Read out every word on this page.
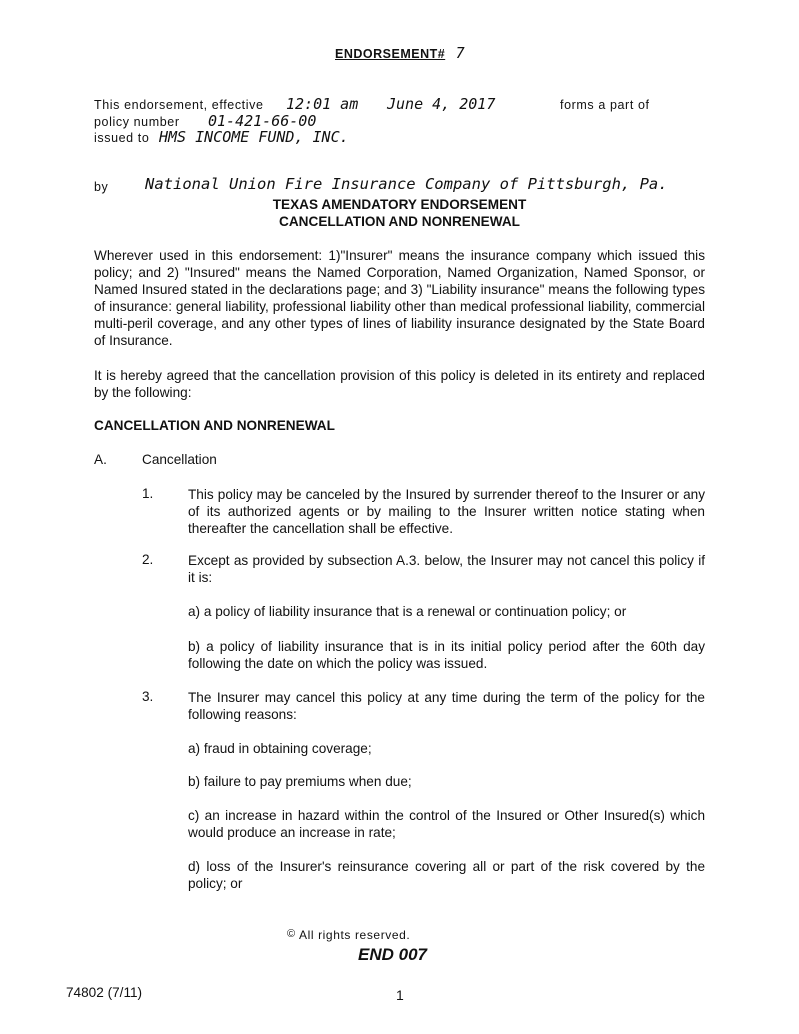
ENDORSEMENT# 7
This endorsement, effective 12:01 am June 4, 2017	forms a part of
policy number 01-421-66-00
issued to HMS INCOME FUND, INC.
by National Union Fire Insurance Company of Pittsburgh, Pa.
TEXAS AMENDATORY ENDORSEMENT
CANCELLATION AND NONRENEWAL
Wherever used in this endorsement: 1)"Insurer" means the insurance company which issued this policy; and 2) "Insured" means the Named Corporation, Named Organization, Named Sponsor, or Named Insured stated in the declarations page; and 3) "Liability insurance" means the following types of insurance: general liability, professional liability other than medical professional liability, commercial multi-peril coverage, and any other types of lines of liability insurance designated by the State Board of Insurance.
It is hereby agreed that the cancellation provision of this policy is deleted in its entirety and replaced by the following:
CANCELLATION AND NONRENEWAL
A.	Cancellation
1.	This policy may be canceled by the Insured by surrender thereof to the Insurer or any of its authorized agents or by mailing to the Insurer written notice stating when thereafter the cancellation shall be effective.
2.	Except as provided by subsection A.3. below, the Insurer may not cancel this policy if it is:
a) a policy of liability insurance that is a renewal or continuation policy; or
b) a policy of liability insurance that is in its initial policy period after the 60th day following the date on which the policy was issued.
3.	The Insurer may cancel this policy at any time during the term of the policy for the following reasons:
a) fraud in obtaining coverage;
b) failure to pay premiums when due;
c) an increase in hazard within the control of the Insured or Other Insured(s) which would produce an increase in rate;
d) loss of the Insurer's reinsurance covering all or part of the risk covered by the policy; or
© All rights reserved.
END 007
74802 (7/11)	1
